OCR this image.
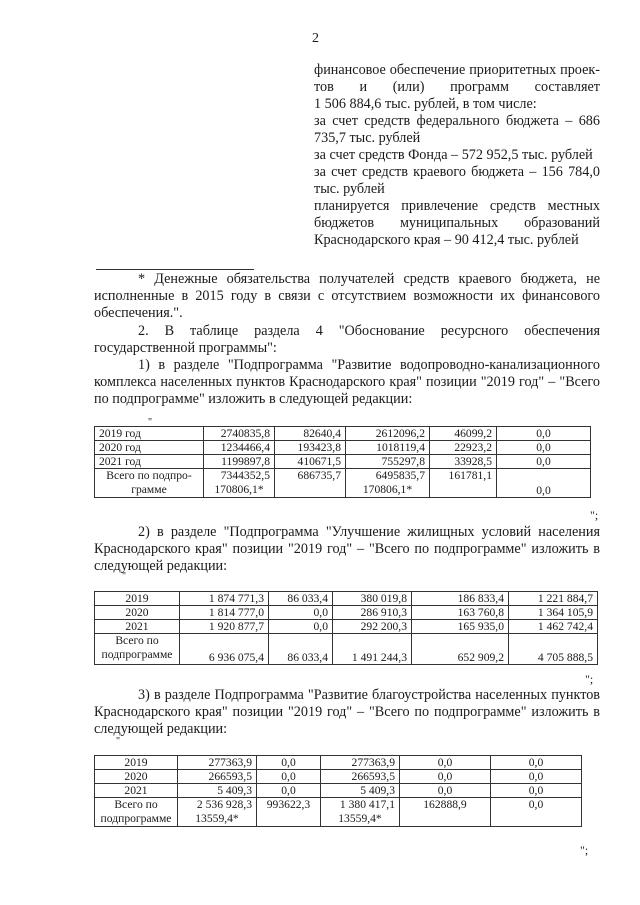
2

финансовое обеспечение приоритетных проек-

тов и (или) программ составляет

1 506 884,6 тыс. рублей, в том числе:

за счет средств федерального бюджета – 686 735,7 тыс. рублей

за счет средств Фонда – 572 952,5 тыс. рублей

за счет средств краевого бюджета – 156 784,0 тыс. рублей

планируется привлечение средств местных бюджетов муниципальных образований Краснодарского края – 90 412,4 тыс. рублей

* Денежные обязательства получателей средств краевого бюджета, не исполненные в 2015 году в связи с отсутствием возможности их финансового обеспечения.".

2. В таблице раздела 4 "Обоснование ресурсного обеспечения государственной программы":

1) в разделе "Подпрограмма "Развитие водопроводно-канализационного комплекса населенных пунктов Краснодарского края" позиции "2019 год" – "Всего по подпрограмме" изложить в следующей редакции:

"
2019 год	2740835,8	82640,4	2612096,2	46099,2	0,0
2020 год	1234466,4	193423,8	1018119,4	22923,2	0,0
2021 год	1199897,8	410671,5	755297,8	33928,5	0,0

Всего по подпро-
грамме	7344352,5	686735,7	6495835,7	161781,1	0,0
	170806,1*		170806,1*		
";

2) в разделе "Подпрограмма "Улучшение жилищных условий населения Краснодарского края" позиции "2019 год" – "Всего по подпрограмме" изложить в следующей редакции:

"
2019	1 874 771,3	86 033,4	380 019,8	186 833,4	1 221 884,7
2020	1 814 777,0	0,0	286 910,3	163 760,8	1 364 105,9
2021	1 920 877,7	0,0	292 200,3	165 935,0	1 462 742,4

Всего по
подпрограмме	6 936 075,4	86 033,4	1 491 244,3	652 909,2	4 705 888,5
";

3) в разделе Подпрограмма "Развитие благоустройства населенных пунктов Краснодарского края" позиции "2019 год" – "Всего по подпрограмме" изложить в следующей редакции:

"
2019	277363,9	0,0	277363,9	0,0	0,0
2020	266593,5	0,0	266593,5	0,0	0,0
2021	5 409,3	0,0	5 409,3	0,0	0,0

Всего по
подпрограмме	2 536 928,3	993622,3	1 380 417,1	162888,9	0,0
	13559,4*		13559,4*		
";
